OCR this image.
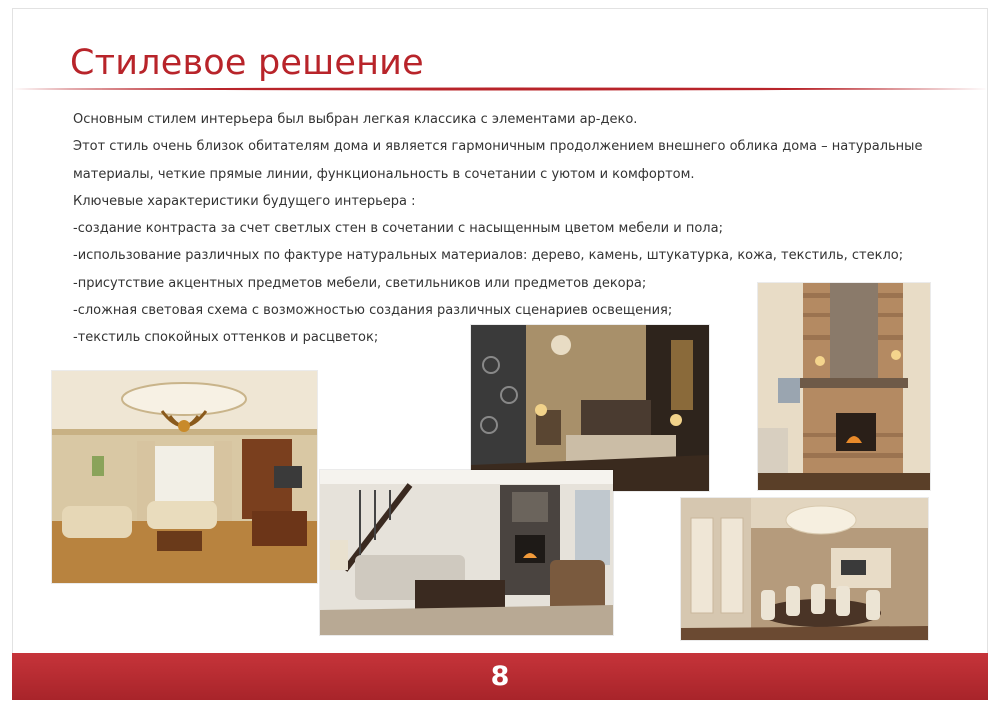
Стилевое решение

Основным стилем интерьера был выбран легкая классика с элементами ар-деко.

Этот стиль очень близок обитателям дома и является гармоничным продолжением внешнего облика дома – натуральные

материалы, четкие прямые линии, функциональность в сочетании с уютом и комфортом.

Ключевые характеристики будущего интерьера :

-создание контраста за счет светлых стен в сочетании с насыщенным цветом мебели и пола;

-использование различных по фактуре натуральных материалов: дерево, камень, штукатурка, кожа, текстиль, стекло;

-присутствие акцентных предметов мебели, светильников или предметов декора;

-сложная световая схема с возможностью создания различных сценариев освещения;

-текстиль спокойных оттенков и расцветок;

8
